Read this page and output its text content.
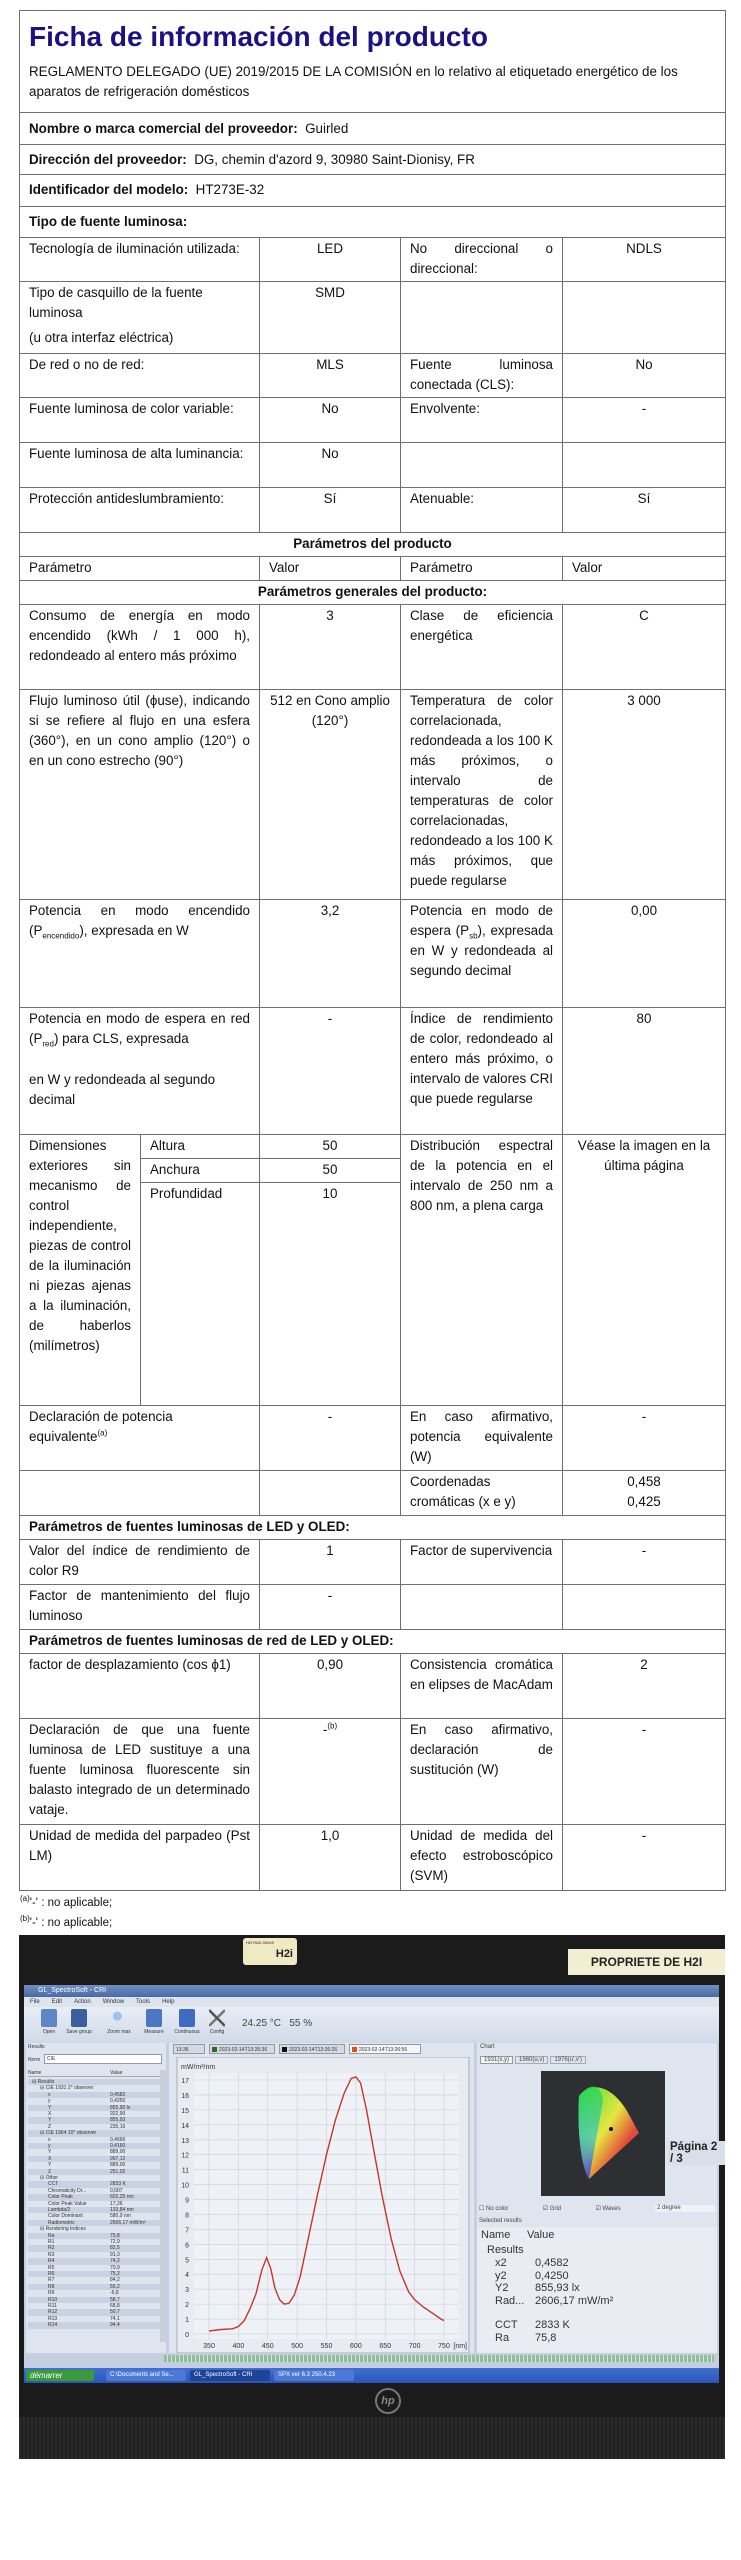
Ficha de información del producto
REGLAMENTO DELEGADO (UE) 2019/2015 DE LA COMISIÓN en lo relativo al etiquetado energético de los aparatos de refrigeración domésticos				

Nombre o marca comercial del proveedor: Guirled				
Dirección del proveedor: DG, chemin d'azord 9, 30980 Saint-Dionisy, FR				
Identificador del modelo: HT273E-32				
Tipo de fuente luminosa:				
Tecnología de iluminación utilizada:		LED	No direccional o direccional:	NDLS

Tipo de casquillo de la fuente luminosa
(u otra interfaz eléctrica)		SMD		
De red o no de red:		MLS	Fuente luminosa conectada (CLS):	No
Fuente luminosa de color variable:		No	Envolvente:	-
Fuente luminosa de alta luminancia:		No		
Protección antideslumbramiento:		Sí	Atenuable:	Sí
Parámetros del producto				
Parámetro		Valor	Parámetro	Valor
Parámetros generales del producto:				
Consumo de energía en modo encendido (kWh / 1 000 h), redondeado al entero más próximo		3	Clase de eficiencia energética	C
Flujo luminoso útil (ϕuse), indicando si se refiere al flujo en una esfera (360°), en un cono amplio (120°) o en un cono estrecho (90°)		512 en Cono amplio (120°)	Temperatura de color correlacionada, redondeada a los 100 K más próximos, o intervalo de temperaturas de color correlacionadas, redondeado a los 100 K más próximos, que puede regularse	3 000
Potencia en modo encendido $(P_{encendido})$, expresada en W		3,2	Potencia en modo de espera $(P_{sb})$, expresada en W y redondeada al segundo decimal	0,00

Potencia en modo de espera en red $(P_{red})$ para CLS, expresada
en W y redondeada al segundo decimal		-	Índice de rendimiento de color, redondeado al entero más próximo, o intervalo de valores CRI que puede regularse	80
Dimensiones exteriores sin mecanismo de control independiente, piezas de control de la iluminación ni piezas ajenas a la iluminación, de haberlos (milímetros)	Altura	50	Distribución espectral de la potencia en el intervalo de 250 nm a 800 nm, a plena carga	Véase la imagen en la última página
	Anchura	50		
	Profundidad	10		
Declaración de potencia equivalente$^{(a)}$		-	En caso afirmativo, potencia equivalente (W)	-
			Coordenadas cromáticas (x e y)	0,458
0,425

Parámetros de fuentes luminosas de LED y OLED:				
Valor del índice de rendimiento de color R9		1	Factor de supervivencia	-
Factor de mantenimiento del flujo luminoso		-		
Parámetros de fuentes luminosas de red de LED y OLED:				
factor de desplazamiento (cos ϕ1)		0,90	Consistencia cromática en elipses de MacAdam	2
Declaración de que una fuente luminosa de LED sustituye a una fuente luminosa fluorescente sin balasto integrado de un determinado vataje.		-$^{(b)}$	En caso afirmativo, declaración de sustitución (W)	-
Unidad de medida del parpadeo (Pst LM)		1,0	Unidad de medida del efecto estroboscópico (SVM)	-
$^{(a)}$'-' : no aplicable;
$^{(b)}$'-' : no aplicable;
H2i RAD 00049
H2i
PROPRIETE DE H2I
GL_SpectroSoft - CRI
File Edit Action Window Tools Help
Open	Save group	Zoom max	Measure	Continuous	Config
24.25 °C 55 %
Results
Norm	CIE
Name	Value
⊟ Results
⊟ CIE 1931 2° observer
x	0,4582
y	0,4250
Y	855,90 lx
X	922,90
Y	855,93
Z	235,16
⊟ CIE 1964 10° observer
x	0,4666
y	0,4160
Y	889,00
X	997,12
Y	889,00
Z	251,02
⊟ Other
CCT	2833 K
Chromaticity Dr...	0,007
Color Peak	602,25 nm
Color Peak Value	17,26
Lambda/2	133,84 nm
Color Dominant	580,9 nm
Radiometric	2606,17 mW/m²
⊟ Rendering Indices
Ra	75,8
R1	72,9
R2	82,5
R3	91,3
R4	74,2
R5	70,9
R6	75,2
R7	84,2
R8	55,2
R9	-6,8
R10	58,7
R11	68,8
R12	50,7
R13	74,1
R14	94,4
13:36	2023-02-14T13:26:36	2023-02-14T13:26:26	2023-02-14T13:26:56
0
1
2
3
4
5
6
7
8
9
10
11
12
13
14
15
16
17
350	400	450	500	550	600	650	700	750 [nm]
mW/m²/nm
Chart
1931(x,y)	1960(u,v)	1976(u',v')
☐ No color	☑ Grid	☑ Waves	2 degree
Selected results
Name Value
Results
x2	0,4582
y2	0,4250
Y2 855,93 lx
Rad... 2606,17 mW/m²
CCT 2833 K
Ra 75,8
démarrer	C:\Documents and Se...	GL_SpectroSoft - CRI	SPX ver 6.3 250.4.23
Página 2 / 3
hp
